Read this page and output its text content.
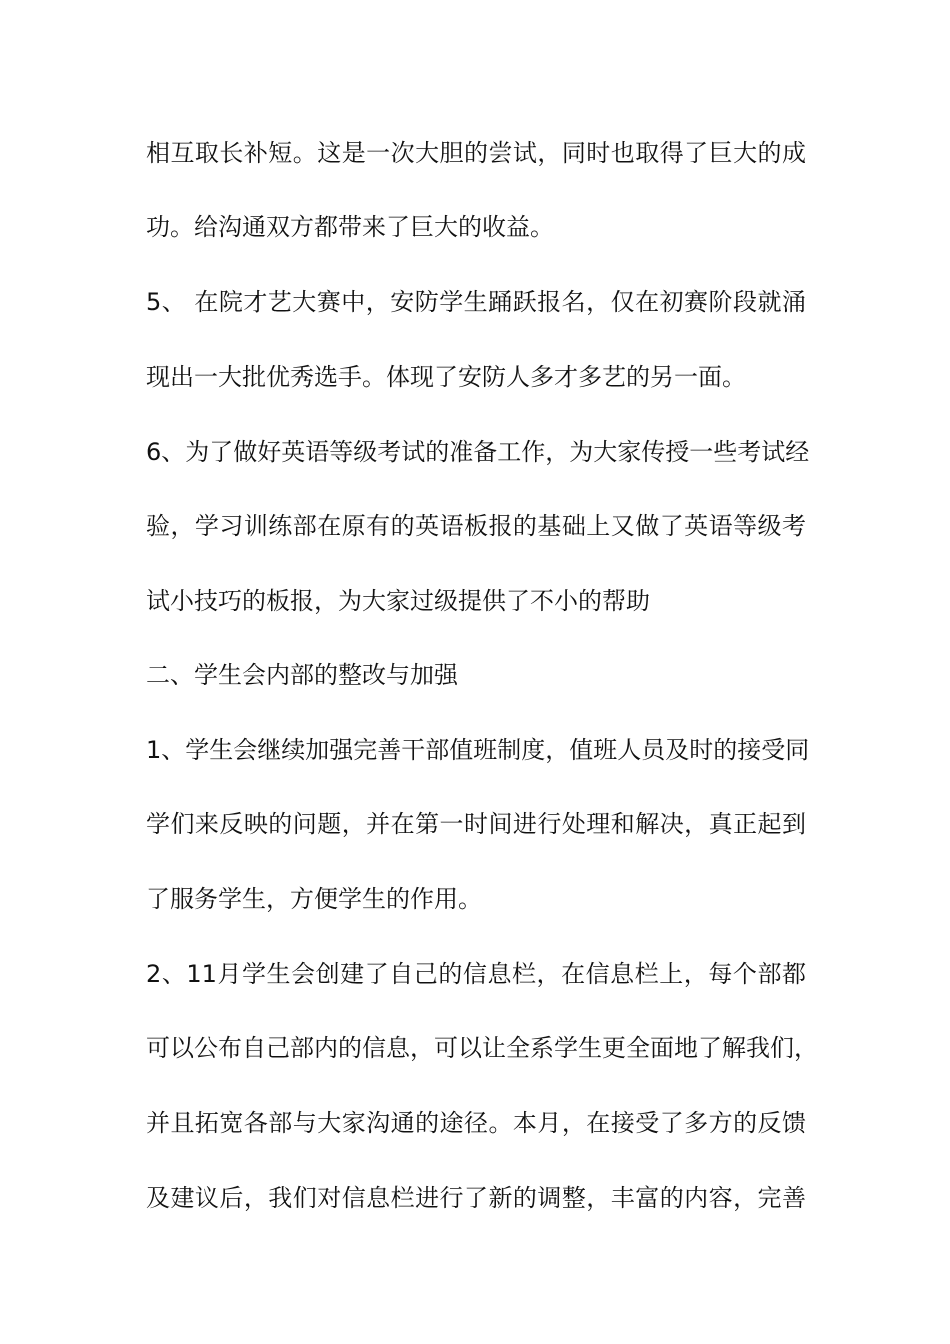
相互取长补短。这是一次大胆的尝试，同时也取得了巨大的成
功。给沟通双方都带来了巨大的收益。
5、 在院才艺大赛中，安防学生踊跃报名，仅在初赛阶段就涌
现出一大批优秀选手。体现了安防人多才多艺的另一面。
6、为了做好英语等级考试的准备工作，为大家传授一些考试经
验，学习训练部在原有的英语板报的基础上又做了英语等级考
试小技巧的板报，为大家过级提供了不小的帮助
二、学生会内部的整改与加强
1、学生会继续加强完善干部值班制度，值班人员及时的接受同
学们来反映的问题，并在第一时间进行处理和解决，真正起到
了服务学生，方便学生的作用。
2、11月学生会创建了自己的信息栏，在信息栏上，每个部都
可以公布自己部内的信息，可以让全系学生更全面地了解我们，
并且拓宽各部与大家沟通的途径。本月，在接受了多方的反馈
及建议后，我们对信息栏进行了新的调整，丰富的内容，完善
